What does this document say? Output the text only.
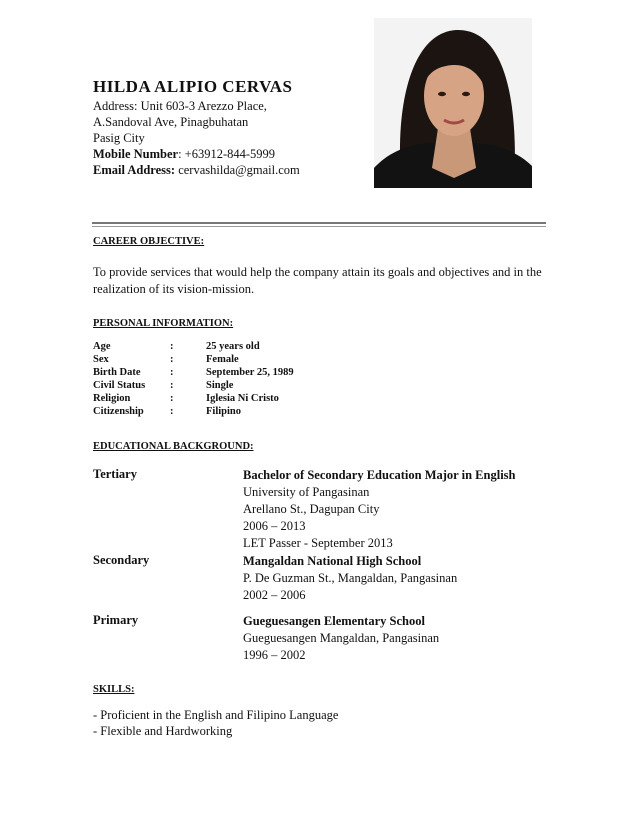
HILDA ALIPIO CERVAS
Address: Unit 603-3 Arezzo Place,
A.Sandoval Ave, Pinagbuhatan
Pasig City
Mobile Number: +63912-844-5999
Email Address: cervashilda@gmail.com
CAREER OBJECTIVE:
To provide services that would help the company attain its goals and objectives and in the realization of its vision-mission.
PERSONAL INFORMATION:
Age	:	25 years old
Sex	:	Female
Birth Date	:	September 25, 1989
Civil Status :	Single
Religion	:	Iglesia Ni Cristo
Citizenship :	Filipino
EDUCATIONAL BACKGROUND:
Tertiary	Bachelor of Secondary Education Major in English
University of Pangasinan
Arellano St., Dagupan City
2006 – 2013
LET Passer - September 2013
Secondary	Mangaldan National High School
P. De Guzman St., Mangaldan, Pangasinan
2002 – 2006
Primary	Gueguesangen Elementary School
Gueguesangen Mangaldan, Pangasinan
1996 – 2002
SKILLS:
- Proficient in the English and Filipino Language
- Flexible and Hardworking
